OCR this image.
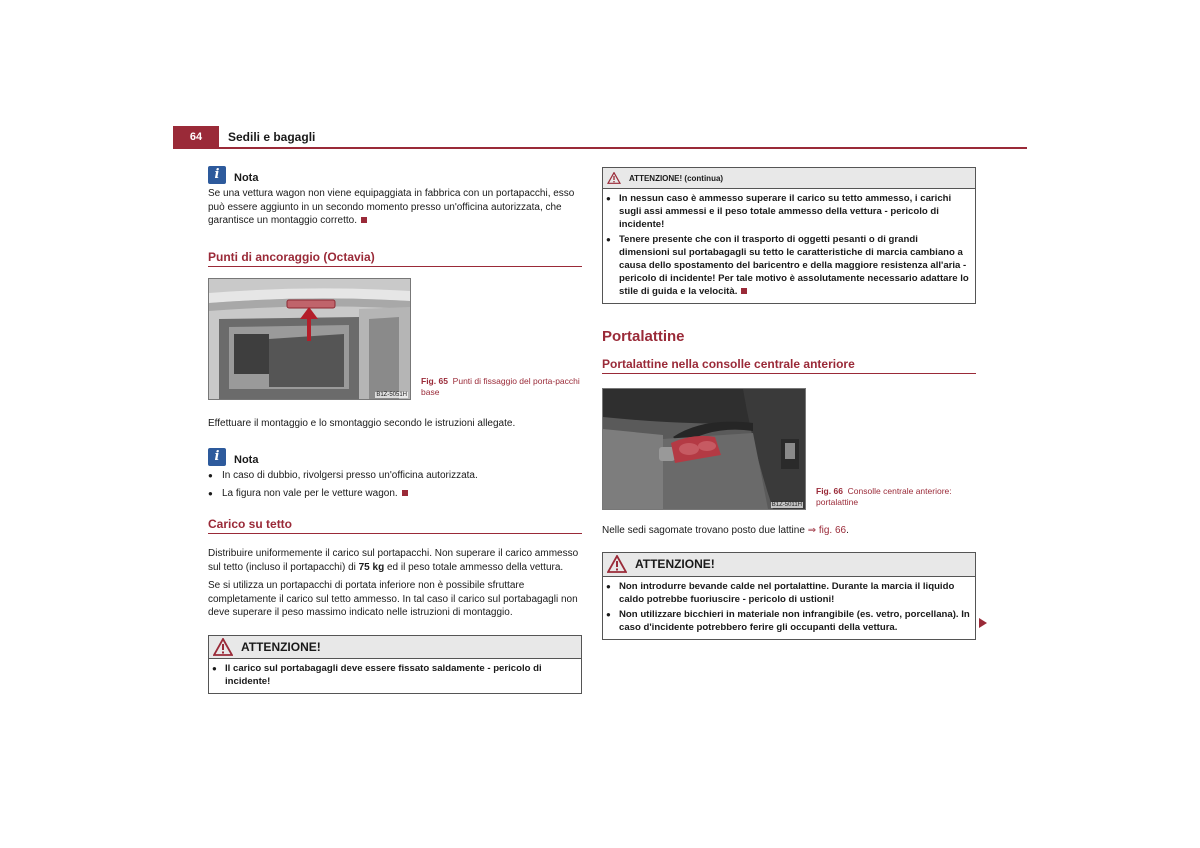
64	Sedili e bagagli
i	Nota

Se una vettura wagon non viene equipaggiata in fabbrica con un portapacchi, esso può essere aggiunto in un secondo momento presso un'officina autorizzata, che garantisce un montaggio corretto.

Punti di ancoraggio (Octavia)
B1Z-5051H
Fig. 65 Punti di fissaggio del porta-pacchi base

Effettuare il montaggio e lo smontaggio secondo le istruzioni allegate.

i	Nota
● In caso di dubbio, rivolgersi presso un'officina autorizzata.
● La figura non vale per le vetture wagon.
Carico su tetto

Distribuire uniformemente il carico sul portapacchi. Non superare il carico ammesso sul tetto (incluso il portapacchi) di 75 kg ed il peso totale ammesso della vettura.

Se si utilizza un portapacchi di portata inferiore non è possibile sfruttare completamente il carico sul tetto ammesso. In tal caso il carico sul portabagagli non deve superare il peso massimo indicato nelle istruzioni di montaggio.

ATTENZIONE!
● Il carico sul portabagagli deve essere fissato saldamente - pericolo di incidente!
ATTENZIONE! (continua)
● In nessun caso è ammesso superare il carico su tetto ammesso, i carichi sugli assi ammessi e il peso totale ammesso della vettura - pericolo di incidente!
● Tenere presente che con il trasporto di oggetti pesanti o di grandi dimensioni sul portabagagli su tetto le caratteristiche di marcia cambiano a causa dello spostamento del baricentro e della maggiore resistenza all'aria - pericolo di incidente! Per tale motivo è assolutamente necessario adattare lo stile di guida e la velocità.
Portalattine
Portalattine nella consolle centrale anteriore
B1Z-5011H
Fig. 66 Consolle centrale anteriore: portalattine

Nelle sedi sagomate trovano posto due lattine ⇒ fig. 66.

ATTENZIONE!
● Non introdurre bevande calde nel portalattine. Durante la marcia il liquido caldo potrebbe fuoriuscire - pericolo di ustioni!
● Non utilizzare bicchieri in materiale non infrangibile (es. vetro, porcellana). In caso d'incidente potrebbero ferire gli occupanti della vettura.
